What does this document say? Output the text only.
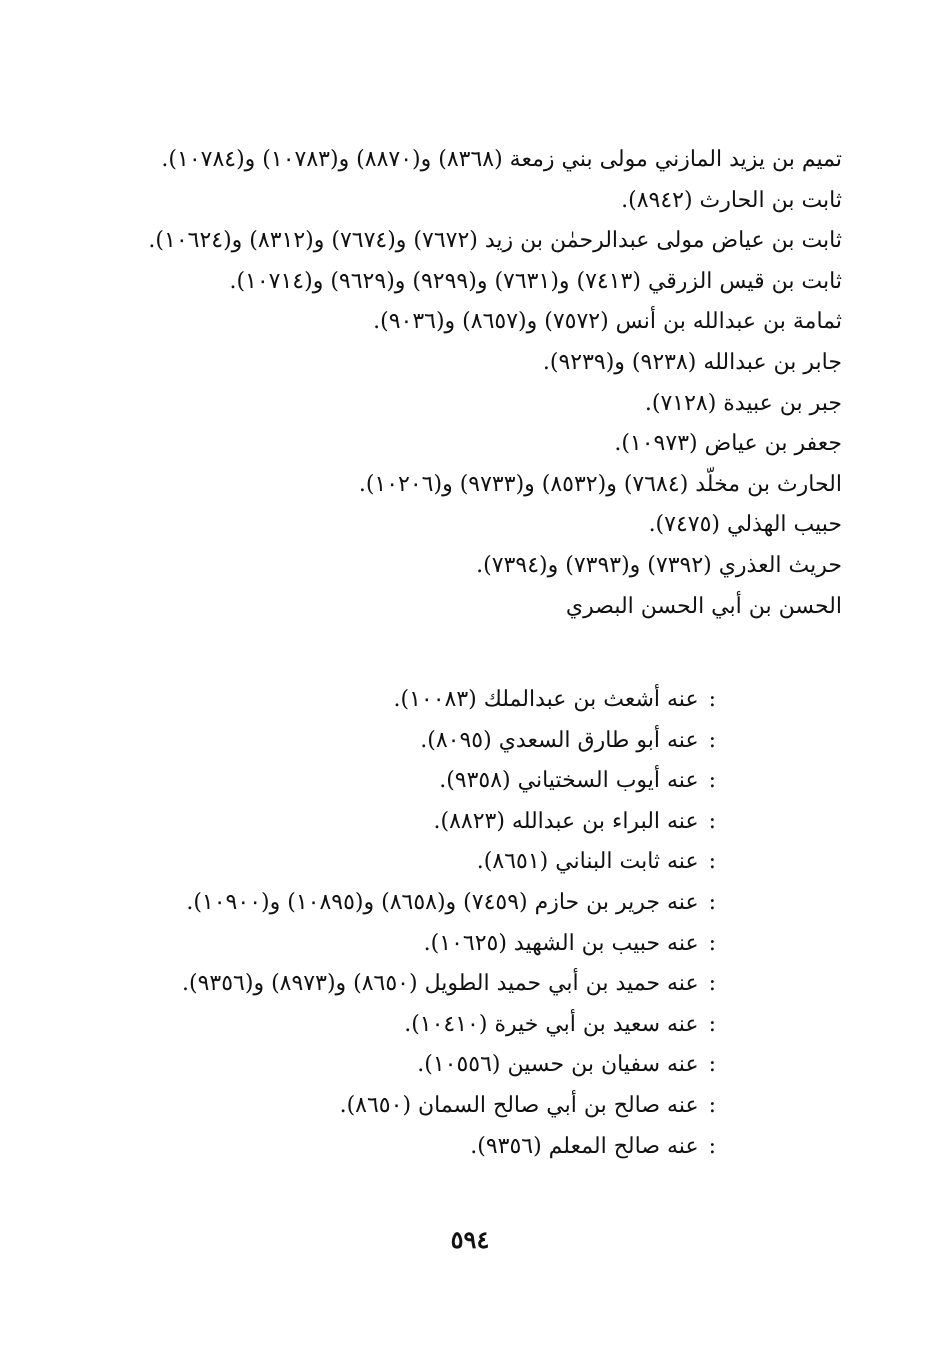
تميم بن يزيد المازني مولى بني زمعة (٨٣٦٨) و(٨٨٧٠) و(١٠٧٨٣) و(١٠٧٨٤).

ثابت بن الحارث (٨٩٤٢).

ثابت بن عياض مولى عبدالرحمٰن بن زيد (٧٦٧٢) و(٧٦٧٤) و(٨٣١٢) و(١٠٦٢٤).

ثابت بن قيس الزرقي (٧٤١٣) و(٧٦٣١) و(٩٢٩٩) و(٩٦٢٩) و(١٠٧١٤).

ثمامة بن عبدالله بن أنس (٧٥٧٢) و(٨٦٥٧) و(٩٠٣٦).

جابر بن عبدالله (٩٢٣٨) و(٩٢٣٩).

جبر بن عبيدة (٧١٢٨).

جعفر بن عياض (١٠٩٧٣).

الحارث بن مخلّد (٧٦٨٤) و(٨٥٣٢) و(٩٧٣٣) و(١٠٢٠٦).

حبيب الهذلي (٧٤٧٥).

حريث العذري (٧٣٩٢) و(٧٣٩٣) و(٧٣٩٤).

الحسن بن أبي الحسن البصري

:عنه أشعث بن عبدالملك (١٠٠٨٣).

:عنه أبو طارق السعدي (٨٠٩٥).

:عنه أيوب السختياني (٩٣٥٨).

:عنه البراء بن عبدالله (٨٨٢٣).

:عنه ثابت البناني (٨٦٥١).

:عنه جرير بن حازم (٧٤٥٩) و(٨٦٥٨) و(١٠٨٩٥) و(١٠٩٠٠).

:عنه حبيب بن الشهيد (١٠٦٢٥).

:عنه حميد بن أبي حميد الطويل (٨٦٥٠) و(٨٩٧٣) و(٩٣٥٦).

:عنه سعيد بن أبي خيرة (١٠٤١٠).

:عنه سفيان بن حسين (١٠٥٥٦).

:عنه صالح بن أبي صالح السمان (٨٦٥٠).

:عنه صالح المعلم (٩٣٥٦).

٥٩٤
